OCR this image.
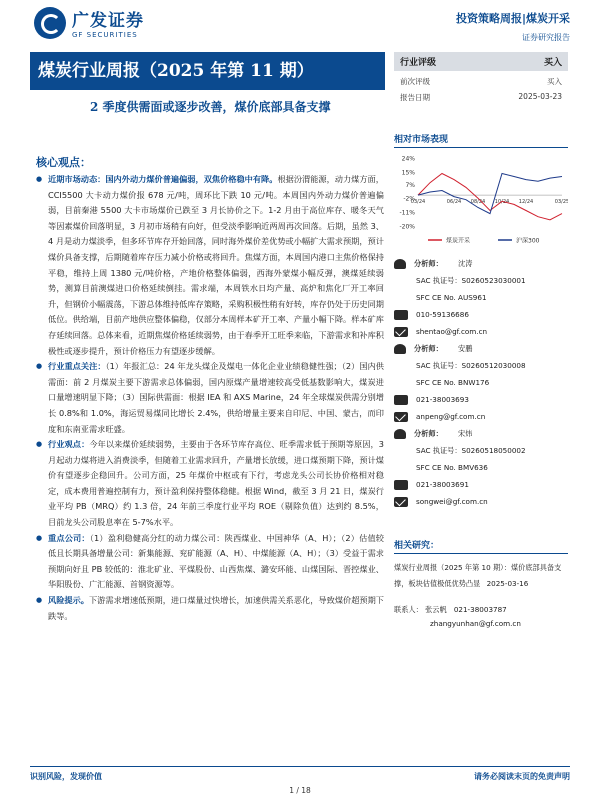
广发证券
GF SECURITIES
投资策略周报|煤炭开采
证券研究报告
煤炭行业周报（2025 年第 11 期）
2 季度供需面或逐步改善，煤价底部具备支撑
行业评级	买入
前次评级	买入
报告日期	2025-03-23
核心观点：

● 近期市场动态：国内外动力煤价普遍偏弱，双焦价格稳中有降。根据汾渭能源，动力煤方面，CCI5500 大卡动力煤价报 678 元/吨，周环比下跌 10 元/吨。本周国内外动力煤价普遍偏弱，目前秦港 5500 大卡市场煤价已跌至 3 月长协价之下。1-2 月由于高位库存、暖冬天气等因素煤价回落明显，3 月初市场稍有向好，但受淡季影响近两周再次回落。后期，虽然 3、4 月是动力煤淡季，但多环节库存开始回落，同时海外煤价差优势或小幅扩大需求预期，预计煤价具备支撑，后期随着库存压力减小价格或将回升。焦煤方面，本周国内港口主焦价格保持平稳，维持上周 1380 元/吨价格，产地价格整体偏弱，西海外蒙煤小幅反弹，澳煤延续弱势，测算目前澳煤进口价格延续倒挂。需求端，本周铁水日均产量、高炉和焦化厂开工率回升，但钢价小幅震荡，下游总体维持低库存策略，采购积极性稍有好转，库存仍处于历史同期低位。供给端，目前产地供应整体偏稳，仅部分本周样本矿开工率、产量小幅下降。样本矿库存延续回落。总体来看，近期焦煤价格延续弱势，由于春季开工旺季来临，下游需求和补库积极性或逐步提升，预计价格压力有望逐步缓解。

● 行业重点关注：（1）年报汇总：24 年龙头煤企及煤电一体化企业业绩稳健性强；（2）国内供需面：前 2 月煤炭主要下游需求总体偏弱，国内原煤产量增速较高受低基数影响大，煤炭进口量增速明显下降；（3）国际供需面：根据 IEA 和 AXS Marine，24 年全球煤炭供需分别增长 0.8%和 1.0%，海运贸易煤同比增长 2.4%，供给增量主要来自印尼、中国、蒙古，而印度和东南亚需求旺盛。

● 行业观点：今年以来煤价延续弱势，主要由于各环节库存高位、旺季需求低于预期等原因，3 月起动力煤将进入消费淡季，但随着工业需求回升，产量增长放缓，进口煤预期下降，预计煤价有望逐步企稳回升。公司方面，25 年煤价中枢或有下行，考虑龙头公司长协价格相对稳定，成本费用普遍控制有力，预计盈利保持整体稳健。根据 Wind，截至 3 月 21 日，煤炭行业平均 PB（MRQ）约 1.3 倍，24 年前三季度行业平均 ROE（剔除负值）达到约 8.5%，目前龙头公司股息率在 5-7%水平。

● 重点公司：（1）盈利稳健高分红的动力煤公司：陕西煤业、中国神华（A、H）；（2）估值较低且长期具备增量公司：新集能源、兖矿能源（A、H）、中煤能源（A、H）；（3）受益于需求预期向好且 PB 较低的：淮北矿业、平煤股份、山西焦煤、潞安环能、山煤国际、晋控煤业、华阳股份、广汇能源、首钢资源等。

● 风险提示。下游需求增速低预期，进口煤量过快增长，加速供需关系恶化，导致煤价超预期下跌等。

相对市场表现
24%
15%
7%
-2%
-11%
-20%
03/24	06/24 08/24 10/24 12/24	03/25
煤炭开采	沪深300
分析师：	沈涛
SAC 执证号：S0260523030001
SFC CE No. AUS961
010-59136686
shentao@gf.com.cn
分析师：	安鹏
SAC 执证号：S0260512030008
SFC CE No. BNW176
021-38003693
anpeng@gf.com.cn
分析师：	宋炜
SAC 执证号：S0260518050002
SFC CE No. BMV636
021-38003691
songwei@gf.com.cn
相关研究：
煤炭行业周报（2025 年第 10 期）：煤价底部具备支撑，板块估值极低优势凸显 2025-03-16
联系人： 张云帆　 021-38003787
zhangyunhan@gf.com.cn
识别风险，发现价值	请务必阅读末页的免责声明
1 / 18
